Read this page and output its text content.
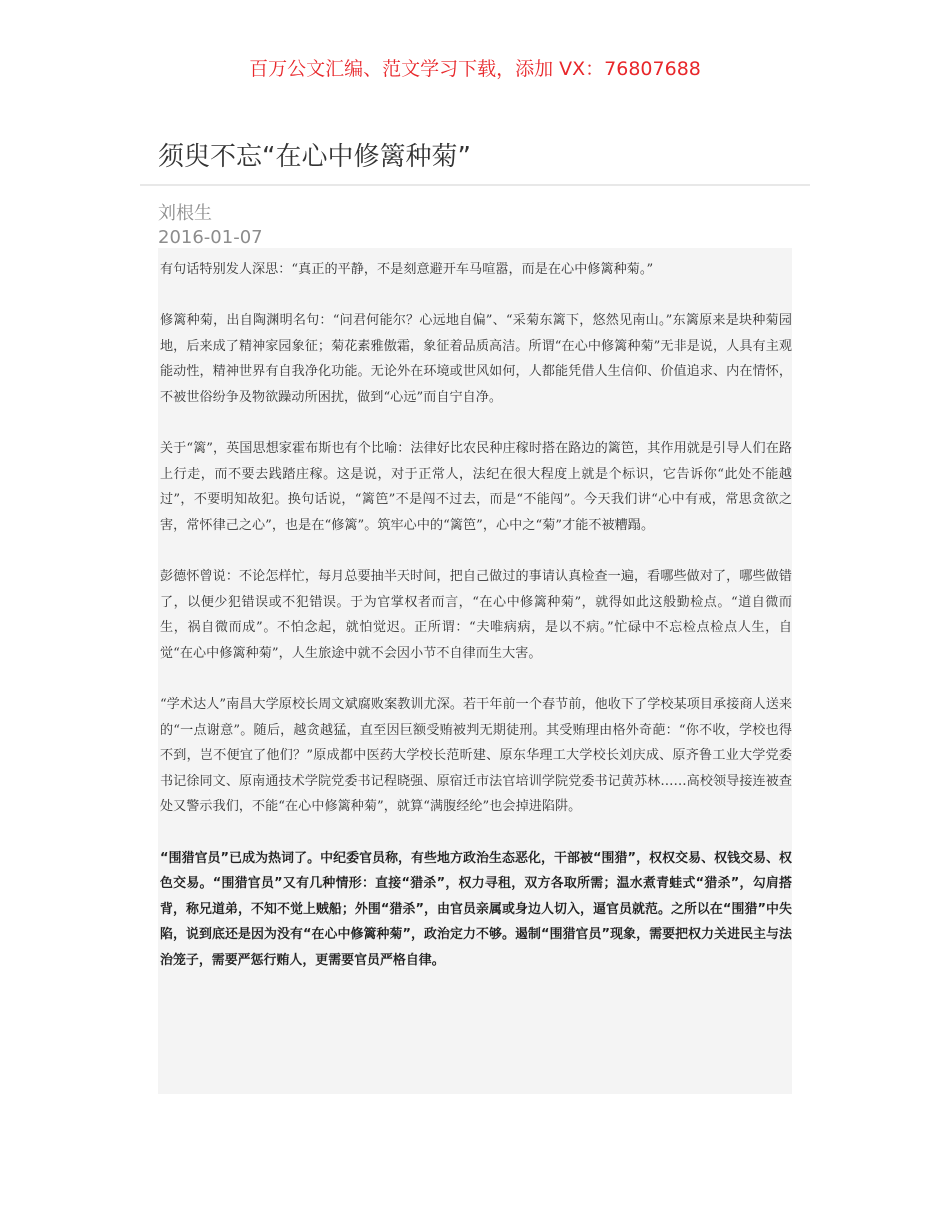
百万公文汇编、范文学习下载，添加 VX：76807688
须臾不忘“在心中修篱种菊”
刘根生
2016-01-07

有句话特别发人深思：“真正的平静，不是刻意避开车马喧嚣，而是在心中修篱种菊。”

修篱种菊，出自陶渊明名句：“问君何能尔？心远地自偏”、“采菊东篱下，悠然见南山。”东篱原来是块种菊园地，后来成了精神家园象征；菊花素雅傲霜，象征着品质高洁。所谓“在心中修篱种菊”无非是说，人具有主观能动性，精神世界有自我净化功能。无论外在环境或世风如何，人都能凭借人生信仰、价值追求、内在情怀，不被世俗纷争及物欲躁动所困扰，做到“心远”而自宁自净。

关于“篱”，英国思想家霍布斯也有个比喻：法律好比农民种庄稼时搭在路边的篱笆，其作用就是引导人们在路上行走，而不要去践踏庄稼。这是说，对于正常人，法纪在很大程度上就是个标识，它告诉你“此处不能越过”，不要明知故犯。换句话说，“篱笆”不是闯不过去，而是“不能闯”。今天我们讲“心中有戒，常思贪欲之害，常怀律己之心”，也是在“修篱”。筑牢心中的“篱笆”，心中之“菊”才能不被糟蹋。

彭德怀曾说：不论怎样忙，每月总要抽半天时间，把自己做过的事请认真检查一遍，看哪些做对了，哪些做错了，以便少犯错误或不犯错误。于为官掌权者而言，“在心中修篱种菊”，就得如此这般勤检点。“道自微而生，祸自微而成”。不怕念起，就怕觉迟。正所谓：“夫唯病病，是以不病。”忙碌中不忘检点检点人生，自觉“在心中修篱种菊”，人生旅途中就不会因小节不自律而生大害。

“学术达人”南昌大学原校长周文斌腐败案教训尤深。若干年前一个春节前，他收下了学校某项目承接商人送来的“一点谢意”。随后，越贪越猛，直至因巨额受贿被判无期徒刑。其受贿理由格外奇葩：“你不收，学校也得不到，岂不便宜了他们？”原成都中医药大学校长范昕建、原东华理工大学校长刘庆成、原齐鲁工业大学党委书记徐同文、原南通技术学院党委书记程晓强、原宿迁市法官培训学院党委书记黄苏林……高校领导接连被查处又警示我们，不能“在心中修篱种菊”，就算“满腹经纶”也会掉进陷阱。

“围猎官员”已成为热词了。中纪委官员称，有些地方政治生态恶化，干部被“围猎”，权权交易、权钱交易、权色交易。“围猎官员”又有几种情形：直接“猎杀”，权力寻租，双方各取所需；温水煮青蛙式“猎杀”，勾肩搭背，称兄道弟，不知不觉上贼船；外围“猎杀”，由官员亲属或身边人切入，逼官员就范。之所以在“围猎”中失陷，说到底还是因为没有“在心中修篱种菊”，政治定力不够。遏制“围猎官员”现象，需要把权力关进民主与法治笼子，需要严惩行贿人，更需要官员严格自律。
